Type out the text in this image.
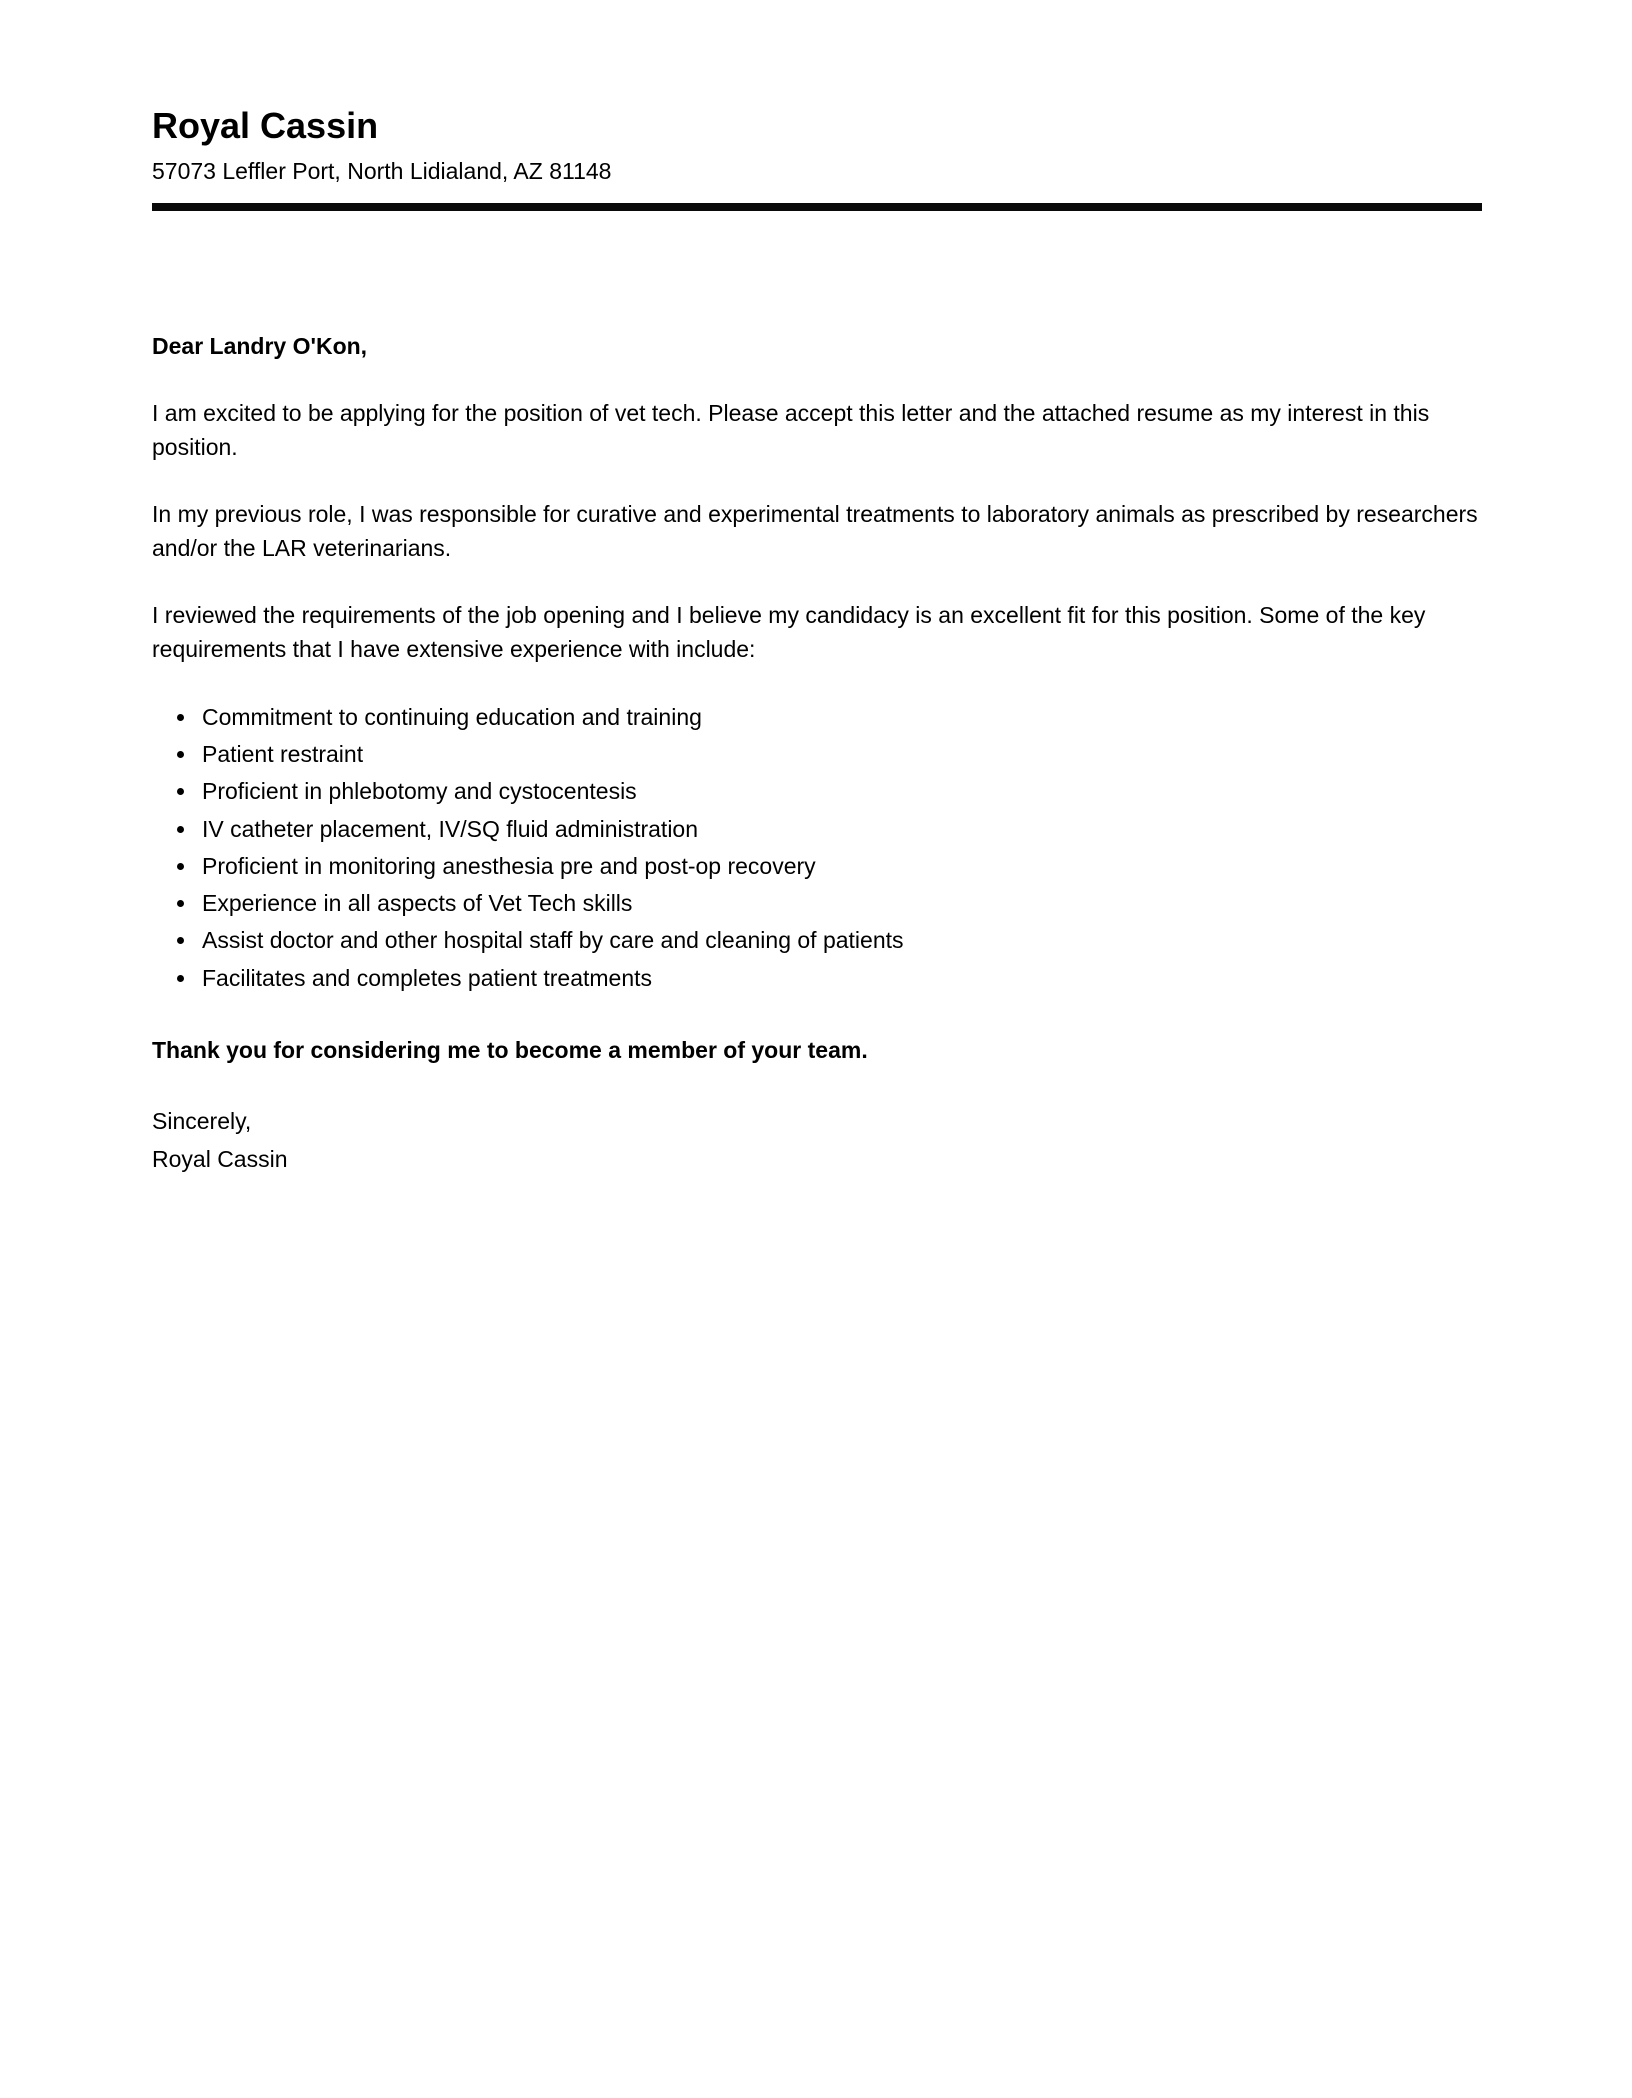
Royal Cassin
57073 Leffler Port, North Lidialand, AZ 81148
Dear Landry O'Kon,

I am excited to be applying for the position of vet tech. Please accept this letter and the attached resume as my interest in this position.

In my previous role, I was responsible for curative and experimental treatments to laboratory animals as prescribed by researchers and/or the LAR veterinarians.

I reviewed the requirements of the job opening and I believe my candidacy is an excellent fit for this position. Some of the key requirements that I have extensive experience with include:

• Commitment to continuing education and training
• Patient restraint
• Proficient in phlebotomy and cystocentesis
• IV catheter placement, IV/SQ fluid administration
• Proficient in monitoring anesthesia pre and post-op recovery
• Experience in all aspects of Vet Tech skills
• Assist doctor and other hospital staff by care and cleaning of patients
• Facilitates and completes patient treatments
Thank you for considering me to become a member of your team.
Sincerely,
Royal Cassin
